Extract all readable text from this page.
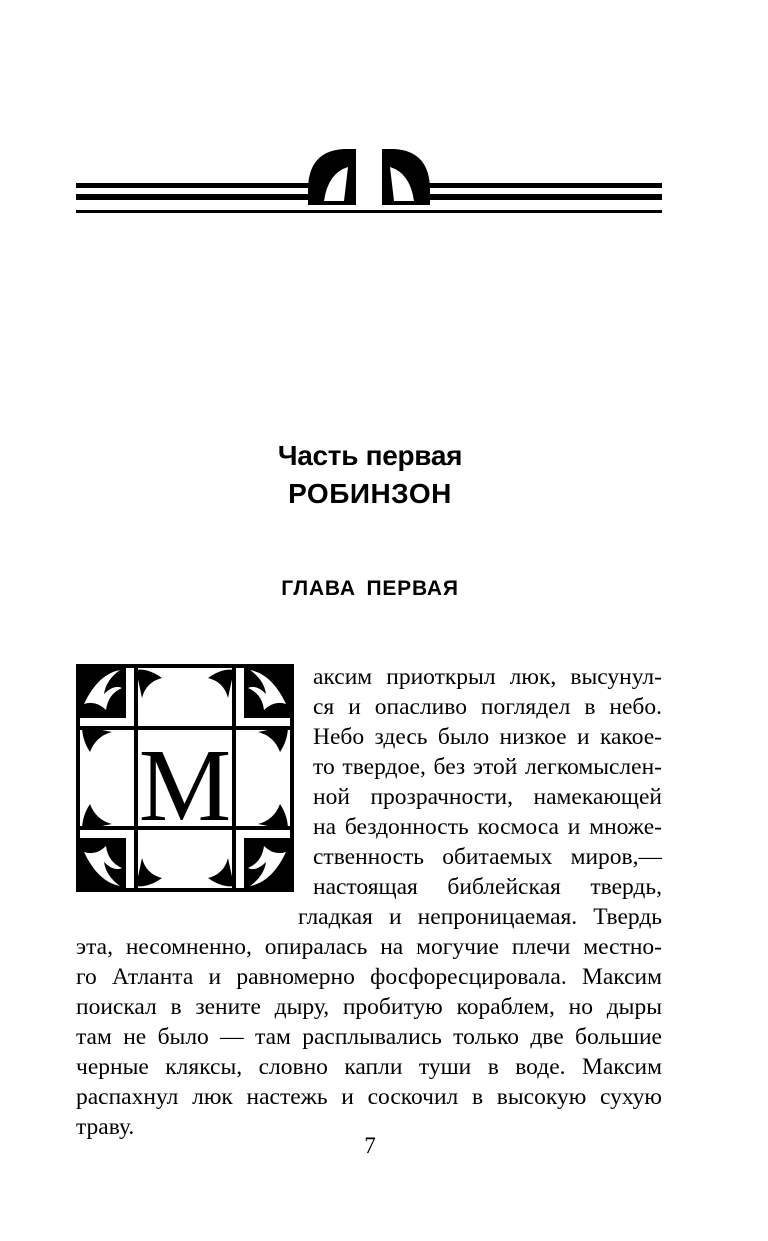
Часть первая
РОБИНЗОН
ГЛАВА ПЕРВАЯ
М
аксим приоткрыл люк, высунул-
ся и опасливо поглядел в небо.
Небо здесь было низкое и какое-
то твердое, без этой легкомыслен-
ной прозрачности, намекающей
на бездонность космоса и множе-
ственность обитаемых миров,—
настоящая библейская твердь,
гладкая и непроницаемая. Твердь
эта, несомненно, опиралась на могучие плечи местно-
го Атланта и равномерно фосфоресцировала. Максим
поискал в зените дыру, пробитую кораблем, но дыры
там не было — там расплывались только две большие
черные кляксы, словно капли туши в воде. Максим
распахнул люк настежь и соскочил в высокую сухую
траву.
7
